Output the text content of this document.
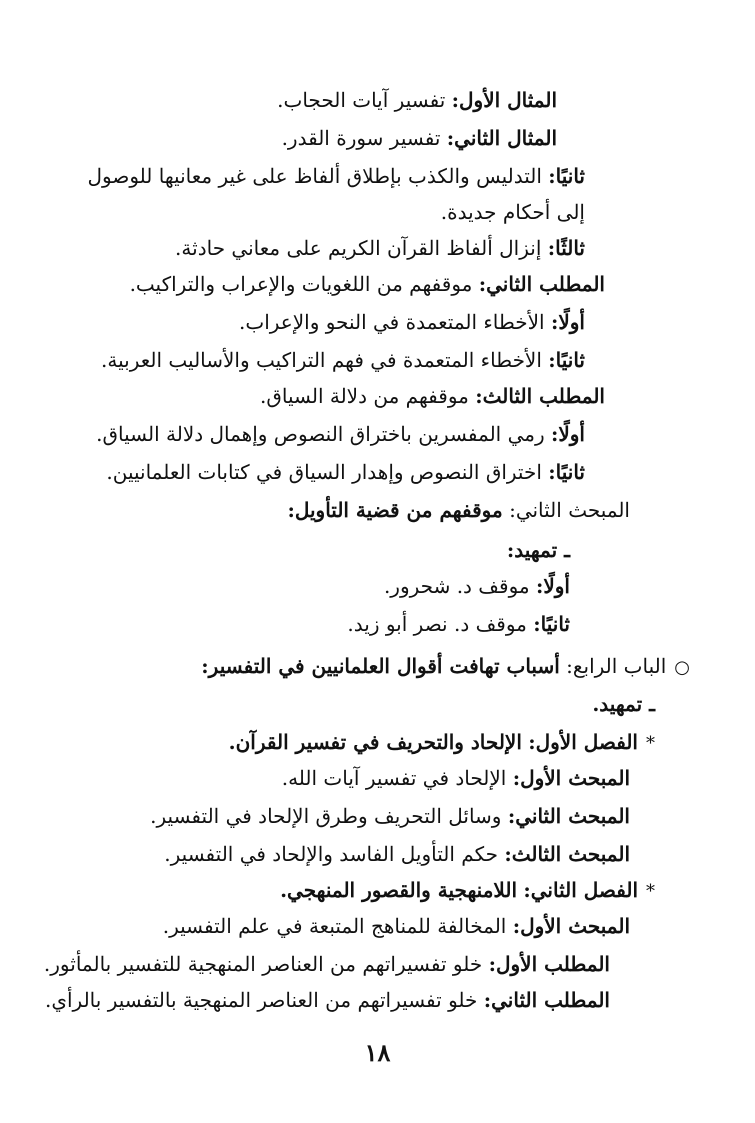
المثال الأول: تفسير آيات الحجاب.
المثال الثاني: تفسير سورة القدر.
ثانيًا: التدليس والكذب بإطلاق ألفاظ على غير معانيها للوصول
إلى أحكام جديدة.
ثالثًا: إنزال ألفاظ القرآن الكريم على معاني حادثة.
المطلب الثاني: موقفهم من اللغويات والإعراب والتراكيب.
أولًا: الأخطاء المتعمدة في النحو والإعراب.
ثانيًا: الأخطاء المتعمدة في فهم التراكيب والأساليب العربية.
المطلب الثالث: موقفهم من دلالة السياق.
أولًا: رمي المفسرين باختراق النصوص وإهمال دلالة السياق.
ثانيًا: اختراق النصوص وإهدار السياق في كتابات العلمانيين.
المبحث الثاني: موقفهم من قضية التأويل:
ـ تمهيد:
أولًا: موقف د. شحرور.
ثانيًا: موقف د. نصر أبو زيد.
○الباب الرابع: أسباب تهافت أقوال العلمانيين في التفسير:
ـ تمهيد.
*الفصل الأول: الإلحاد والتحريف في تفسير القرآن.
المبحث الأول: الإلحاد في تفسير آيات الله.
المبحث الثاني: وسائل التحريف وطرق الإلحاد في التفسير.
المبحث الثالث: حكم التأويل الفاسد والإلحاد في التفسير.
*الفصل الثاني: اللامنهجية والقصور المنهجي.
المبحث الأول: المخالفة للمناهج المتبعة في علم التفسير.
المطلب الأول: خلو تفسيراتهم من العناصر المنهجية للتفسير بالمأثور.
المطلب الثاني: خلو تفسيراتهم من العناصر المنهجية بالتفسير بالرأي.
١٨
